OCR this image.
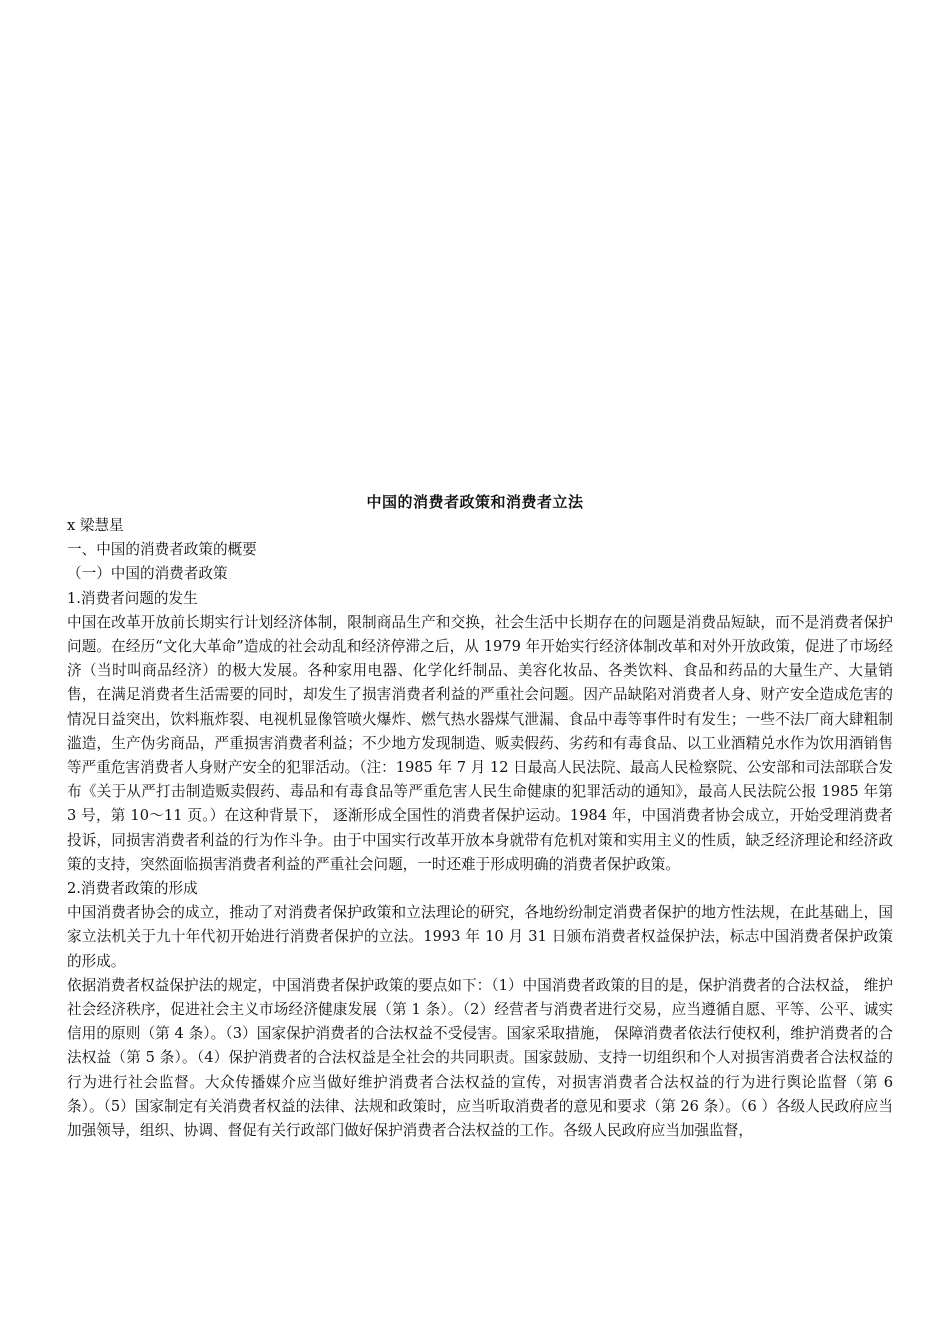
中国的消费者政策和消费者立法

x 梁慧星

一、中国的消费者政策的概要

（一）中国的消费者政策

1.消费者问题的发生

中国在改革开放前长期实行计划经济体制，限制商品生产和交换，社会生活中长期存在的问题是消费品短缺，而不是消费者保护问题。在经历“文化大革命”造成的社会动乱和经济停滞之后，从 1979 年开始实行经济体制改革和对外开放政策，促进了市场经济（当时叫商品经济）的极大发展。各种家用电器、化学化纤制品、美容化妆品、各类饮料、食品和药品的大量生产、大量销售，在满足消费者生活需要的同时，却发生了损害消费者利益的严重社会问题。因产品缺陷对消费者人身、财产安全造成危害的情况日益突出，饮料瓶炸裂、电视机显像管喷火爆炸、燃气热水器煤气泄漏、食品中毒等事件时有发生；一些不法厂商大肆粗制滥造，生产伪劣商品，严重损害消费者利益；不少地方发现制造、贩卖假药、劣药和有毒食品、以工业酒精兑水作为饮用酒销售等严重危害消费者人身财产安全的犯罪活动。（注：1985 年 7 月 12 日最高人民法院、最高人民检察院、公安部和司法部联合发布《关于从严打击制造贩卖假药、毒品和有毒食品等严重危害人民生命健康的犯罪活动的通知》，最高人民法院公报 1985 年第 3 号，第 10～11 页。）在这种背景下， 逐渐形成全国性的消费者保护运动。1984 年，中国消费者协会成立，开始受理消费者投诉，同损害消费者利益的行为作斗争。由于中国实行改革开放本身就带有危机对策和实用主义的性质，缺乏经济理论和经济政策的支持，突然面临损害消费者利益的严重社会问题，一时还难于形成明确的消费者保护政策。

2.消费者政策的形成

中国消费者协会的成立，推动了对消费者保护政策和立法理论的研究，各地纷纷制定消费者保护的地方性法规，在此基础上，国家立法机关于九十年代初开始进行消费者保护的立法。1993 年 10 月 31 日颁布消费者权益保护法，标志中国消费者保护政策的形成。

依据消费者权益保护法的规定，中国消费者保护政策的要点如下：（1）中国消费者政策的目的是，保护消费者的合法权益， 维护社会经济秩序，促进社会主义市场经济健康发展（第 1 条）。（2）经营者与消费者进行交易，应当遵循自愿、平等、公平、诚实信用的原则（第 4 条）。（3）国家保护消费者的合法权益不受侵害。国家采取措施， 保障消费者依法行使权利，维护消费者的合法权益（第 5 条）。（4）保护消费者的合法权益是全社会的共同职责。国家鼓励、支持一切组织和个人对损害消费者合法权益的行为进行社会监督。大众传播媒介应当做好维护消费者合法权益的宣传，对损害消费者合法权益的行为进行舆论监督（第 6 条）。（5）国家制定有关消费者权益的法律、法规和政策时，应当听取消费者的意见和要求（第 26 条）。（6 ）各级人民政府应当加强领导，组织、协调、督促有关行政部门做好保护消费者合法权益的工作。各级人民政府应当加强监督，
